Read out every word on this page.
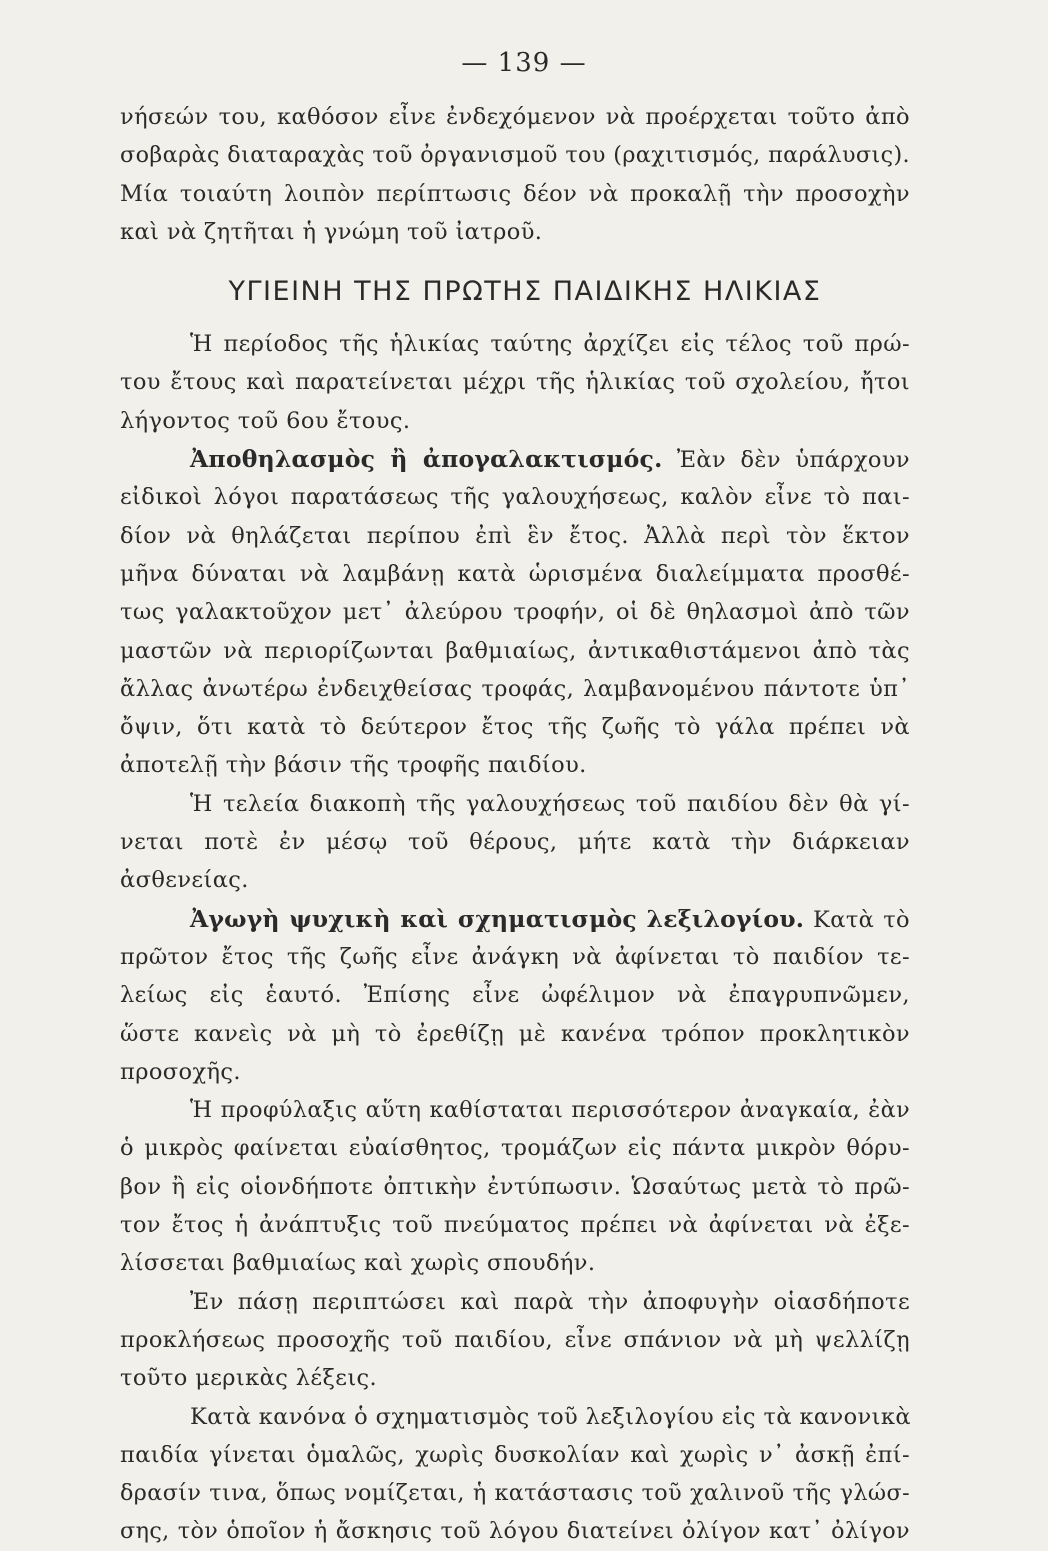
— 139 —
νήσεών του, καθόσον εἶνε ἐνδεχόμενον νὰ προέρχεται τοῦτο ἀπὸ
σοβαρὰς διαταραχὰς τοῦ ὀργανισμοῦ του (ραχιτισμός, παράλυσις).
Μία τοιαύτη λοιπὸν περίπτωσις δέον νὰ προκαλῇ τὴν προσοχὴν
καὶ νὰ ζητῆται ἡ γνώμη τοῦ ἰατροῦ.
ΥΓΙΕΙΝΗ ΤΗΣ ΠΡΩΤΗΣ ΠΑΙΔΙΚΗΣ ΗΛΙΚΙΑΣ
Ἡ περίοδος τῆς ἡλικίας ταύτης ἀρχίζει εἰς τέλος τοῦ πρώ-
του ἔτους καὶ παρατείνεται μέχρι τῆς ἡλικίας τοῦ σχολείου, ἤτοι
λήγοντος τοῦ 6ου ἔτους.
Ἀποθηλασμὸς ἢ ἀπογαλακτισμός. Ἐὰν δὲν ὑπάρχουν
εἰδικοὶ λόγοι παρατάσεως τῆς γαλουχήσεως, καλὸν εἶνε τὸ παι-
δίον νὰ θηλάζεται περίπου ἐπὶ ἓν ἔτος. Ἀλλὰ περὶ τὸν ἕκτον
μῆνα δύναται νὰ λαμβάνῃ κατὰ ὡρισμένα διαλείμματα προσθέ-
τως γαλακτοῦχον μετ᾿ ἀλεύρου τροφήν, οἱ δὲ θηλασμοὶ ἀπὸ τῶν
μαστῶν νὰ περιορίζωνται βαθμιαίως, ἀντικαθιστάμενοι ἀπὸ τὰς
ἄλλας ἀνωτέρω ἐνδειχθείσας τροφάς, λαμβανομένου πάντοτε ὑπ᾿
ὄψιν, ὅτι κατὰ τὸ δεύτερον ἔτος τῆς ζωῆς τὸ γάλα πρέπει νὰ
ἀποτελῇ τὴν βάσιν τῆς τροφῆς παιδίου.
Ἡ τελεία διακοπὴ τῆς γαλουχήσεως τοῦ παιδίου δὲν θὰ γί-
νεται ποτὲ ἐν μέσῳ τοῦ θέρους, μήτε κατὰ τὴν διάρκειαν
ἀσθενείας.
Ἀγωγὴ ψυχικὴ καὶ σχηματισμὸς λεξιλογίου. Κατὰ τὸ
πρῶτον ἔτος τῆς ζωῆς εἶνε ἀνάγκη νὰ ἀφίνεται τὸ παιδίον τε-
λείως εἰς ἑαυτό. Ἐπίσης εἶνε ὠφέλιμον νὰ ἐπαγρυπνῶμεν,
ὥστε κανεὶς νὰ μὴ τὸ ἐρεθίζῃ μὲ κανένα τρόπον προκλητικὸν
προσοχῆς.
Ἡ προφύλαξις αὕτη καθίσταται περισσότερον ἀναγκαία, ἐὰν
ὁ μικρὸς φαίνεται εὐαίσθητος, τρομάζων εἰς πάντα μικρὸν θόρυ-
βον ἢ εἰς οἱονδήποτε ὀπτικὴν ἐντύπωσιν. Ὡσαύτως μετὰ τὸ πρῶ-
τον ἔτος ἡ ἀνάπτυξις τοῦ πνεύματος πρέπει νὰ ἀφίνεται νὰ ἐξε-
λίσσεται βαθμιαίως καὶ χωρὶς σπουδήν.
Ἐν πάσῃ περιπτώσει καὶ παρὰ τὴν ἀποφυγὴν οἱασδήποτε
προκλήσεως προσοχῆς τοῦ παιδίου, εἶνε σπάνιον νὰ μὴ ψελλίζῃ
τοῦτο μερικὰς λέξεις.
Κατὰ κανόνα ὁ σχηματισμὸς τοῦ λεξιλογίου εἰς τὰ κανονικὰ
παιδία γίνεται ὁμαλῶς, χωρὶς δυσκολίαν καὶ χωρὶς ν᾿ ἀσκῇ ἐπί-
δρασίν τινα, ὅπως νομίζεται, ἡ κατάστασις τοῦ χαλινοῦ τῆς γλώσ-
σης, τὸν ὁποῖον ἡ ἄσκησις τοῦ λόγου διατείνει ὀλίγον κατ᾿ ὀλίγον
